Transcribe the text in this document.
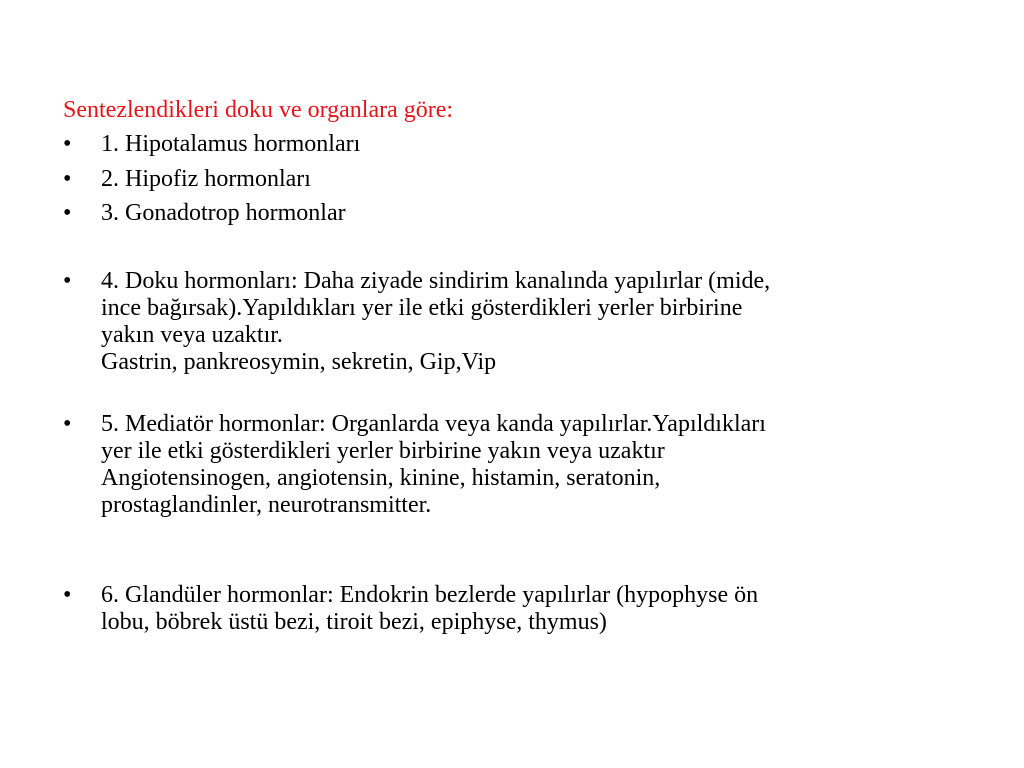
Sentezlendikleri doku ve organlara göre:
•	1. Hipotalamus hormonları
•	2. Hipofiz hormonları
•	3. Gonadotrop hormonlar
•	4. Doku hormonları: Daha ziyade sindirim kanalında yapılırlar (mide,
ince bağırsak).Yapıldıkları yer ile etki gösterdikleri yerler birbirine
yakın veya uzaktır.
Gastrin, pankreosymin, sekretin, Gip,Vip
•	5. Mediatör hormonlar: Organlarda veya kanda yapılırlar.Yapıldıkları
yer ile etki gösterdikleri yerler birbirine yakın veya uzaktır
Angiotensinogen, angiotensin, kinine, histamin, seratonin,
prostaglandinler, neurotransmitter.
•	6. Glandüler hormonlar: Endokrin bezlerde yapılırlar (hypophyse ön
lobu, böbrek üstü bezi, tiroit bezi, epiphyse, thymus)
